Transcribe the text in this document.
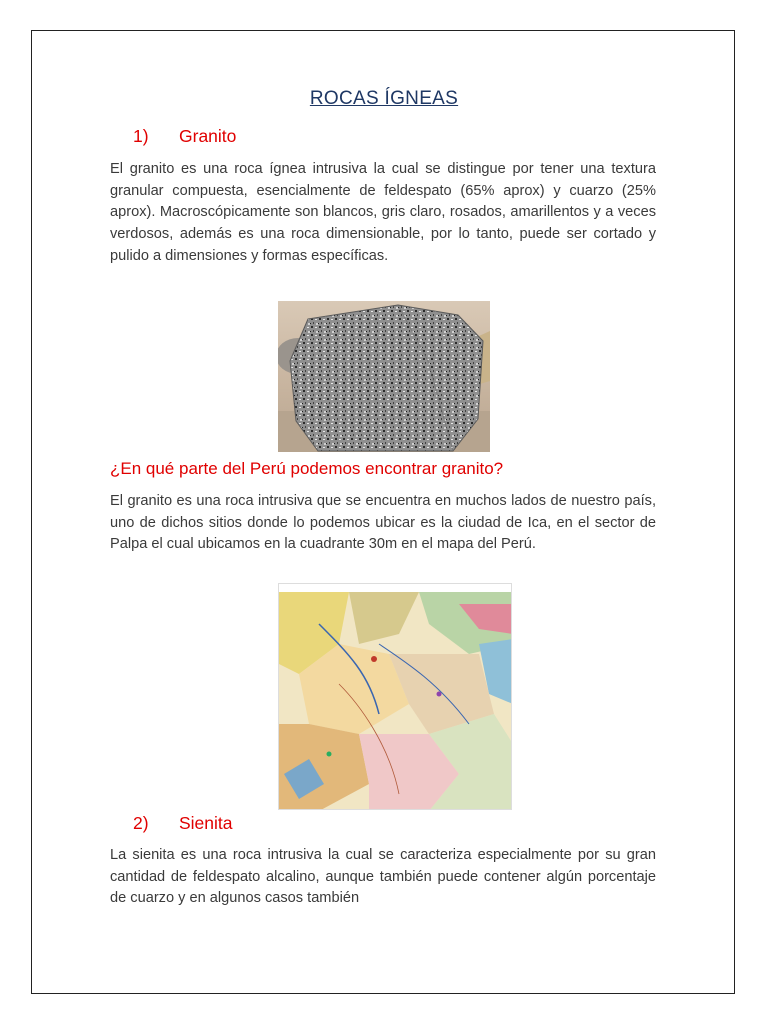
ROCAS ÍGNEAS
1) Granito

El granito es una roca ígnea intrusiva la cual se distingue por tener una textura granular compuesta, esencialmente de feldespato (65% aprox) y cuarzo (25% aprox). Macroscópicamente son blancos, gris claro, rosados, amarillentos y a veces verdosos, además es una roca dimensionable, por lo tanto, puede ser cortado y pulido a dimensiones y formas específicas.

¿En qué parte del Perú podemos encontrar granito?

El granito es una roca intrusiva que se encuentra en muchos lados de nuestro país, uno de dichos sitios donde lo podemos ubicar es la ciudad de Ica, en el sector de Palpa el cual ubicamos en la cuadrante 30m en el mapa del Perú.

2) Sienita

La sienita es una roca intrusiva la cual se caracteriza especialmente por su gran cantidad de feldespato alcalino, aunque también puede contener algún porcentaje de cuarzo y en algunos casos también
